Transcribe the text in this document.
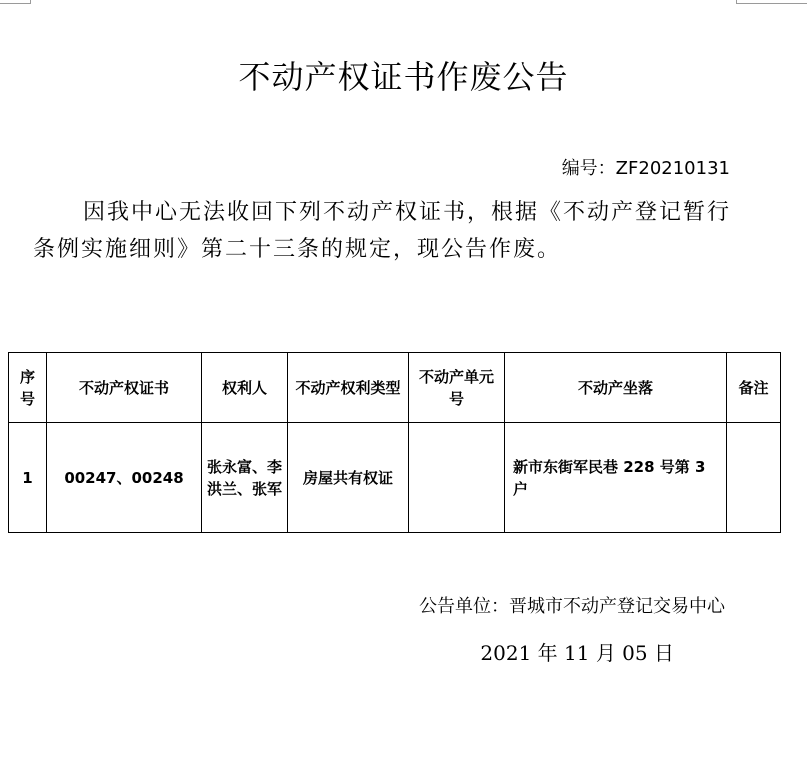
不动产权证书作废公告
编号：ZF20210131
因我中心无法收回下列不动产权证书，根据《不动产登记暂行条例实施细则》第二十三条的规定，现公告作废。
序号	不动产权证书	权利人	不动产权利类型	不动产单元号	不动产坐落	备注
1	00247、00248	张永富、李洪兰、张军	房屋共有权证		新市东街军民巷 228 号第 3 户	
公告单位：晋城市不动产登记交易中心
2021 年 11 月 05 日
